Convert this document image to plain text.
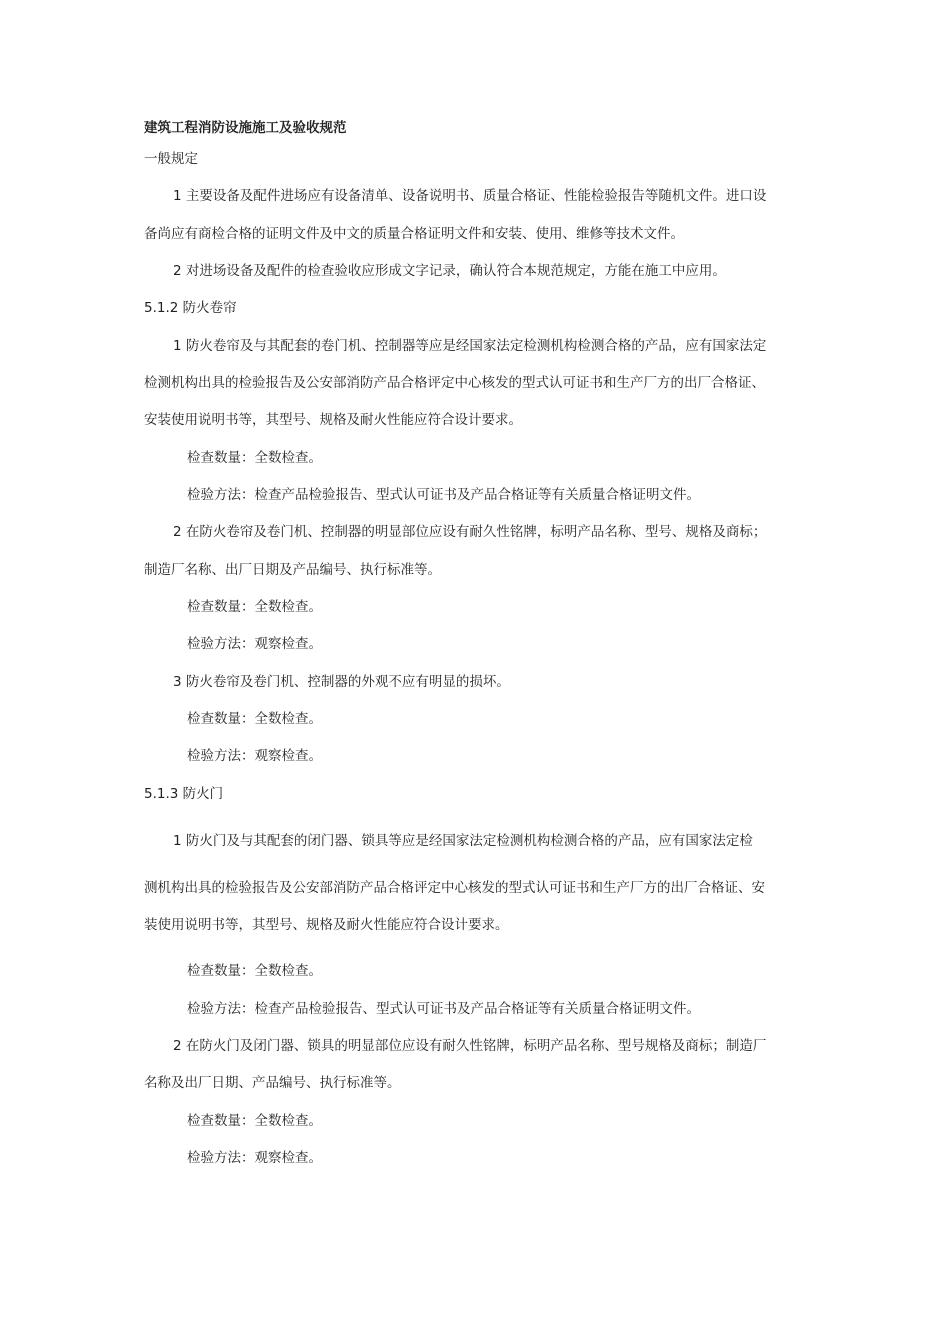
建筑工程消防设施施工及验收规范
一般规定
1 主要设备及配件进场应有设备清单、设备说明书、质量合格证、性能检验报告等随机文件。进口设
备尚应有商检合格的证明文件及中文的质量合格证明文件和安装、使用、维修等技术文件。
2 对进场设备及配件的检查验收应形成文字记录，确认符合本规范规定，方能在施工中应用。
5.1.2 防火卷帘
1 防火卷帘及与其配套的卷门机、控制器等应是经国家法定检测机构检测合格的产品，应有国家法定
检测机构出具的检验报告及公安部消防产品合格评定中心核发的型式认可证书和生产厂方的出厂合格证、
安装使用说明书等，其型号、规格及耐火性能应符合设计要求。
检查数量：全数检查。
检验方法：检查产品检验报告、型式认可证书及产品合格证等有关质量合格证明文件。
2 在防火卷帘及卷门机、控制器的明显部位应设有耐久性铭牌，标明产品名称、型号、规格及商标；
制造厂名称、出厂日期及产品编号、执行标准等。
检查数量：全数检查。
检验方法：观察检查。
3 防火卷帘及卷门机、控制器的外观不应有明显的损坏。
检查数量：全数检查。
检验方法：观察检查。
5.1.3 防火门
1 防火门及与其配套的闭门器、锁具等应是经国家法定检测机构检测合格的产品，应有国家法定检
测机构出具的检验报告及公安部消防产品合格评定中心核发的型式认可证书和生产厂方的出厂合格证、安
装使用说明书等，其型号、规格及耐火性能应符合设计要求。
检查数量：全数检查。
检验方法：检查产品检验报告、型式认可证书及产品合格证等有关质量合格证明文件。
2 在防火门及闭门器、锁具的明显部位应设有耐久性铭牌，标明产品名称、型号规格及商标；制造厂
名称及出厂日期、产品编号、执行标准等。
检查数量：全数检查。
检验方法：观察检查。
